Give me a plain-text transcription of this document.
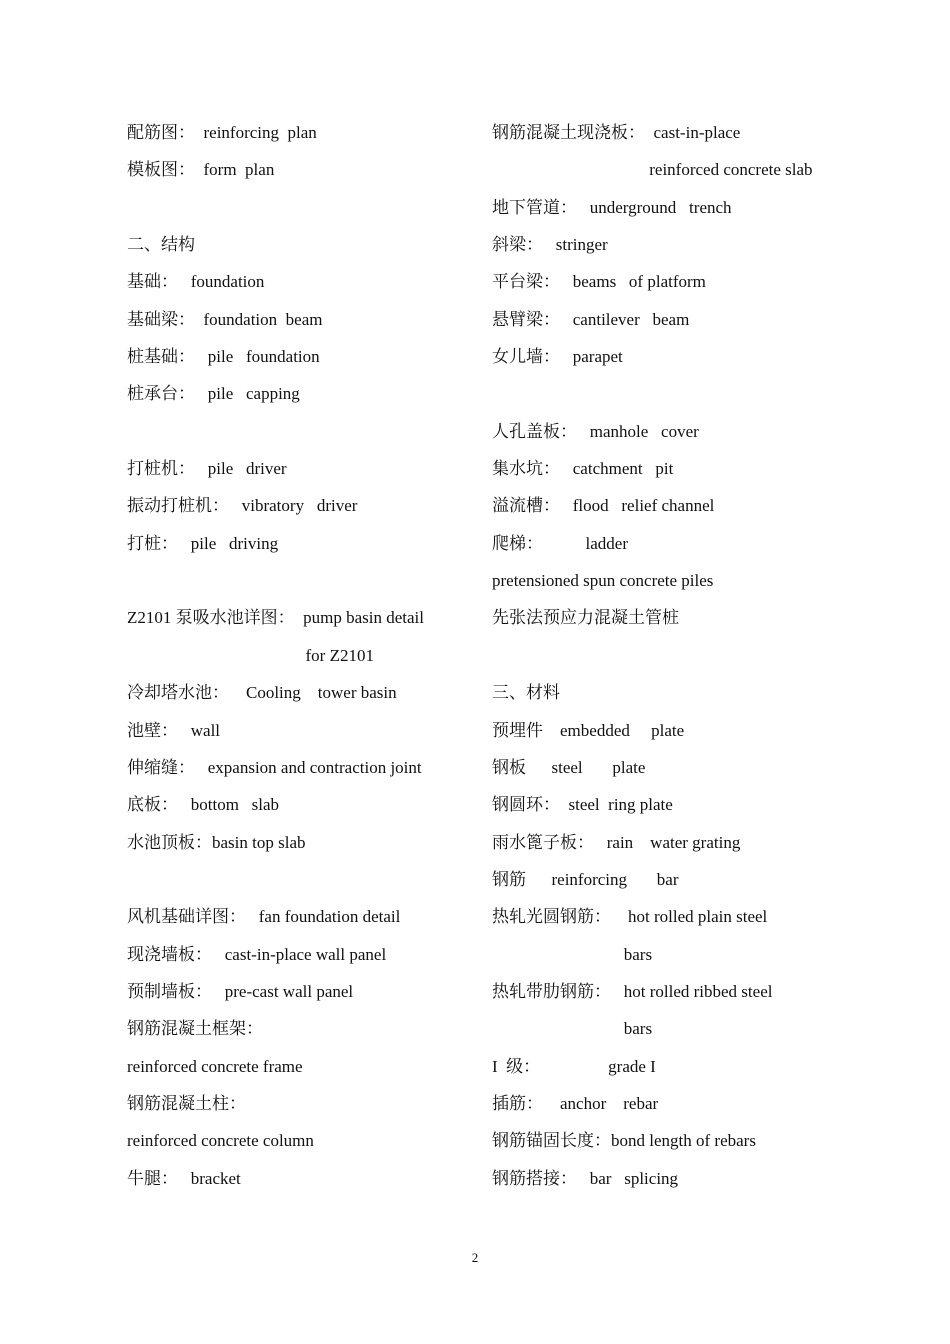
配筋图：  reinforcing  plan
模板图：  form  plan
二、结构
基础：   foundation
基础梁：  foundation  beam
桩基础：   pile   foundation
桩承台：   pile   capping
打桩机：   pile   driver
振动打桩机：   vibratory   driver
打桩：   pile   driving
Z2101 泵吸水池详图：  pump basin detail
for Z2101
冷却塔水池：    Cooling    tower basin
池壁：   wall
伸缩缝：   expansion and contraction joint
底板：   bottom   slab
水池顶板：basin top slab
风机基础详图：   fan foundation detail
现浇墙板：   cast-in-place wall panel
预制墙板：   pre-cast wall panel
钢筋混凝土框架：
reinforced concrete frame
钢筋混凝土柱：
reinforced concrete column
牛腿：   bracket
钢筋混凝土现浇板：  cast-in-place
reinforced concrete slab
地下管道：   underground   trench
斜梁：   stringer
平台梁：   beams   of platform
悬臂梁：   cantilever   beam
女儿墙：   parapet
人孔盖板：   manhole   cover
集水坑：   catchment   pit
溢流槽：   flood   relief channel
爬梯：          ladder
pretensioned spun concrete piles
先张法预应力混凝土管桩
三、材料
预埋件    embedded     plate
钢板      steel       plate
钢圆环：  steel  ring plate
雨水篦子板：   rain    water grating
钢筋      reinforcing       bar
热轧光圆钢筋：    hot rolled plain steel
bars
热轧带肋钢筋：   hot rolled ribbed steel
bars
I  级：                grade I
插筋：    anchor    rebar
钢筋锚固长度：bond length of rebars
钢筋搭接：   bar   splicing
2
